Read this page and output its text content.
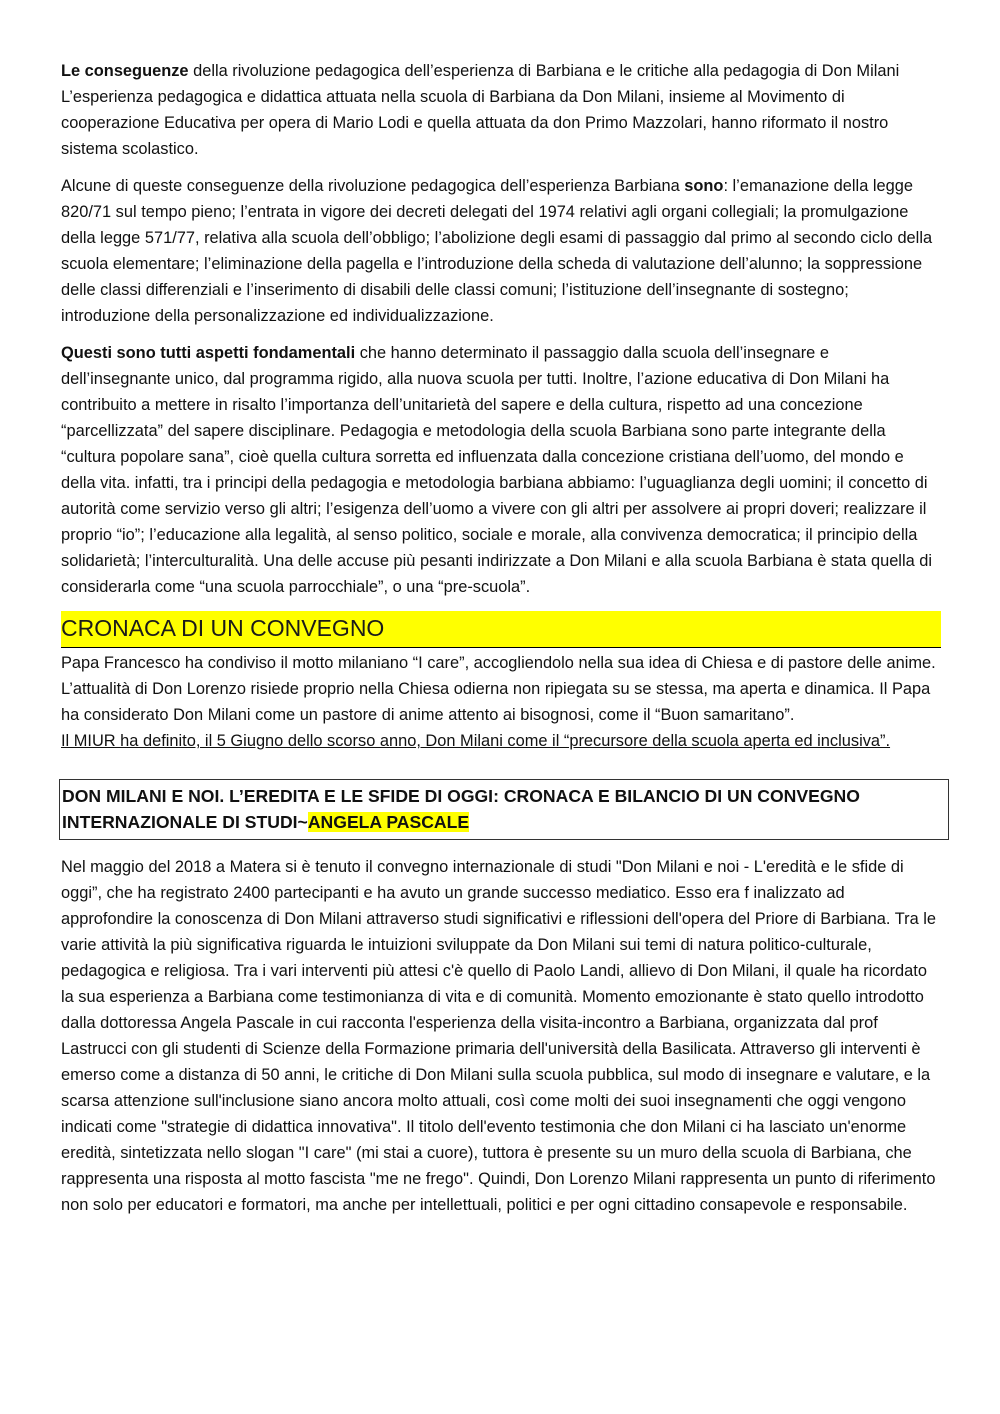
Le conseguenze della rivoluzione pedagogica dell’esperienza di Barbiana e le critiche alla pedagogia di Don Milani
L’esperienza pedagogica e didattica attuata nella scuola di Barbiana da Don Milani, insieme al Movimento di cooperazione Educativa per opera di Mario Lodi e quella attuata da don Primo Mazzolari, hanno riformato il nostro sistema scolastico.

Alcune di queste conseguenze della rivoluzione pedagogica dell’esperienza Barbiana sono: l’emanazione della legge 820/71 sul tempo pieno; l’entrata in vigore dei decreti delegati del 1974 relativi agli organi collegiali; la promulgazione della legge 571/77, relativa alla scuola dell’obbligo; l’abolizione degli esami di passaggio dal primo al secondo ciclo della scuola elementare; l’eliminazione della pagella e l’introduzione della scheda di valutazione dell’alunno; la soppressione delle classi differenziali e l’inserimento di disabili delle classi comuni; l’istituzione dell’insegnante di sostegno; introduzione della personalizzazione ed individualizzazione.

Questi sono tutti aspetti fondamentali che hanno determinato il passaggio dalla scuola dell’insegnare e dell’insegnante unico, dal programma rigido, alla nuova scuola per tutti. Inoltre, l’azione educativa di Don Milani ha contribuito a mettere in risalto l’importanza dell’unitarietà del sapere e della cultura, rispetto ad una concezione “parcellizzata” del sapere disciplinare. Pedagogia e metodologia della scuola Barbiana sono parte integrante della “cultura popolare sana”, cioè quella cultura sorretta ed influenzata dalla concezione cristiana dell’uomo, del mondo e della vita. infatti, tra i principi della pedagogia e metodologia barbiana abbiamo: l’uguaglianza degli uomini; il concetto di autorità come servizio verso gli altri; l’esigenza dell’uomo a vivere con gli altri per assolvere ai propri doveri; realizzare il proprio “io”; l’educazione alla legalità, al senso politico, sociale e morale, alla convivenza democratica; il principio della solidarietà; l’interculturalità. Una delle accuse più pesanti indirizzate a Don Milani e alla scuola Barbiana è stata quella di considerarla come “una scuola parrocchiale”, o una “pre-scuola”.

CRONACA DI UN CONVEGNO

Papa Francesco ha condiviso il motto milaniano “I care”, accogliendolo nella sua idea di Chiesa e di pastore delle anime. L’attualità di Don Lorenzo risiede proprio nella Chiesa odierna non ripiegata su se stessa, ma aperta e dinamica. Il Papa ha considerato Don Milani come un pastore di anime attento ai bisognosi, come il “Buon samaritano”.
Il MIUR ha definito, il 5 Giugno dello scorso anno, Don Milani come il “precursore della scuola aperta ed inclusiva”.

DON MILANI E NOI. L’EREDITA E LE SFIDE DI OGGI: CRONACA E BILANCIO DI UN CONVEGNO INTERNAZIONALE DI STUDI~ANGELA PASCALE

Nel maggio del 2018 a Matera si è tenuto il convegno internazionale di studi "Don Milani e noi - L'eredità e le sfide di oggi”, che ha registrato 2400 partecipanti e ha avuto un grande successo mediatico. Esso era f inalizzato ad approfondire la conoscenza di Don Milani attraverso studi significativi e riflessioni dell'opera del Priore di Barbiana. Tra le varie attività la più significativa riguarda le intuizioni sviluppate da Don Milani sui temi di natura politico-culturale, pedagogica e religiosa. Tra i vari interventi più attesi c'è quello di Paolo Landi, allievo di Don Milani, il quale ha ricordato la sua esperienza a Barbiana come testimonianza di vita e di comunità. Momento emozionante è stato quello introdotto dalla dottoressa Angela Pascale in cui racconta l'esperienza della visita-incontro a Barbiana, organizzata dal prof Lastrucci con gli studenti di Scienze della Formazione primaria dell'università della Basilicata. Attraverso gli interventi è emerso come a distanza di 50 anni, le critiche di Don Milani sulla scuola pubblica, sul modo di insegnare e valutare, e la scarsa attenzione sull'inclusione siano ancora molto attuali, così come molti dei suoi insegnamenti che oggi vengono indicati come "strategie di didattica innovativa". Il titolo dell'evento testimonia che don Milani ci ha lasciato un'enorme eredità, sintetizzata nello slogan "I care" (mi stai a cuore), tuttora è presente su un muro della scuola di Barbiana, che rappresenta una risposta al motto fascista "me ne frego". Quindi, Don Lorenzo Milani rappresenta un punto di riferimento non solo per educatori e formatori, ma anche per intellettuali, politici e per ogni cittadino consapevole e responsabile.
